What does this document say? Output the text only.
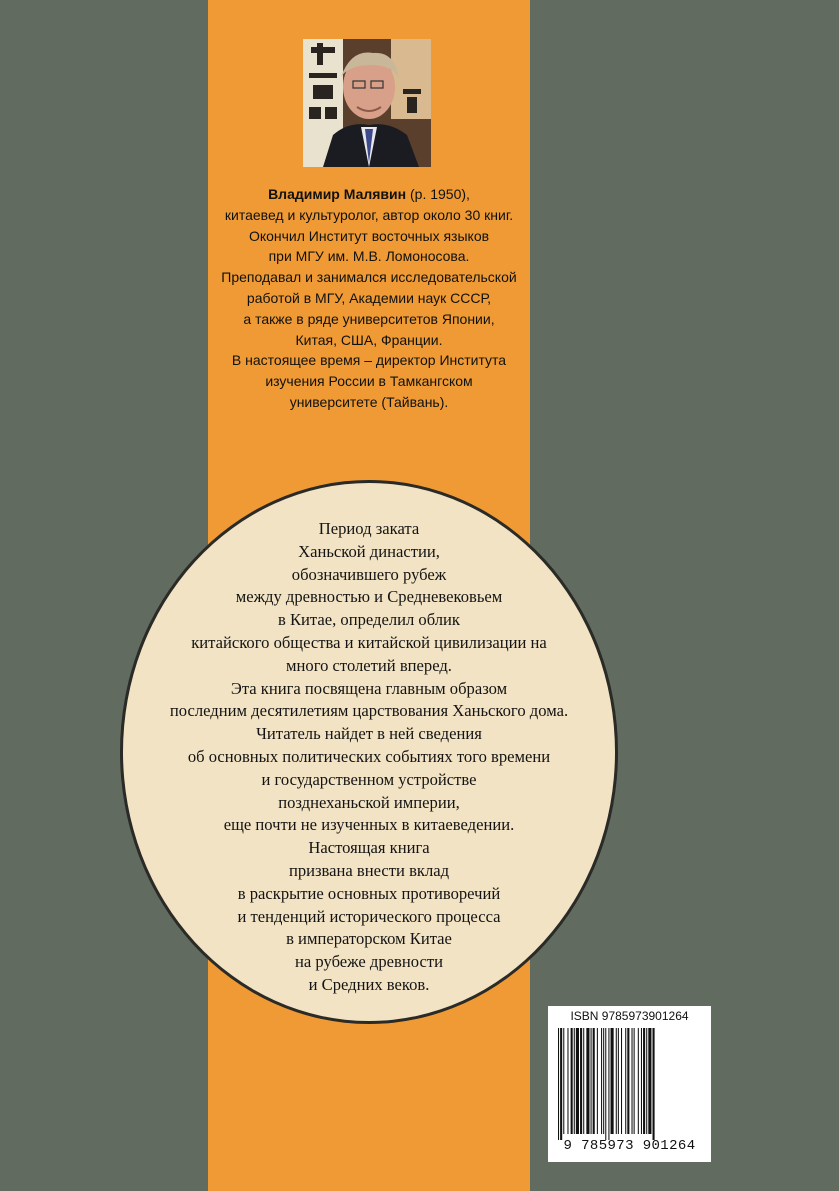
Владимир Малявин (р. 1950),
китаевед и культуролог, автор около 30 книг.
Окончил Институт восточных языков
при МГУ им. М.В. Ломоносова.
Преподавал и занимался исследовательской
работой в МГУ, Академии наук СССР,
а также в ряде университетов Японии,
Китая, США, Франции.
В настоящее время – директор Института
изучения России в Тамкангском
университете (Тайвань).
Период заката
Ханьской династии,
обозначившего рубеж
между древностью и Средневековьем
в Китае, определил облик
китайского общества и китайской цивилизации на
много столетий вперед.
Эта книга посвящена главным образом
последним десятилетиям царствования Ханьского дома.
Читатель найдет в ней сведения
об основных политических событиях того времени
и государственном устройстве
позднеханьской империи,
еще почти не изученных в китаеведении.
Настоящая книга
призвана внести вклад
в раскрытие основных противоречий
и тенденций исторического процесса
в императорском Китае
на рубеже древности
и Средних веков.
ISBN 9785973901264
9 785973 901264
